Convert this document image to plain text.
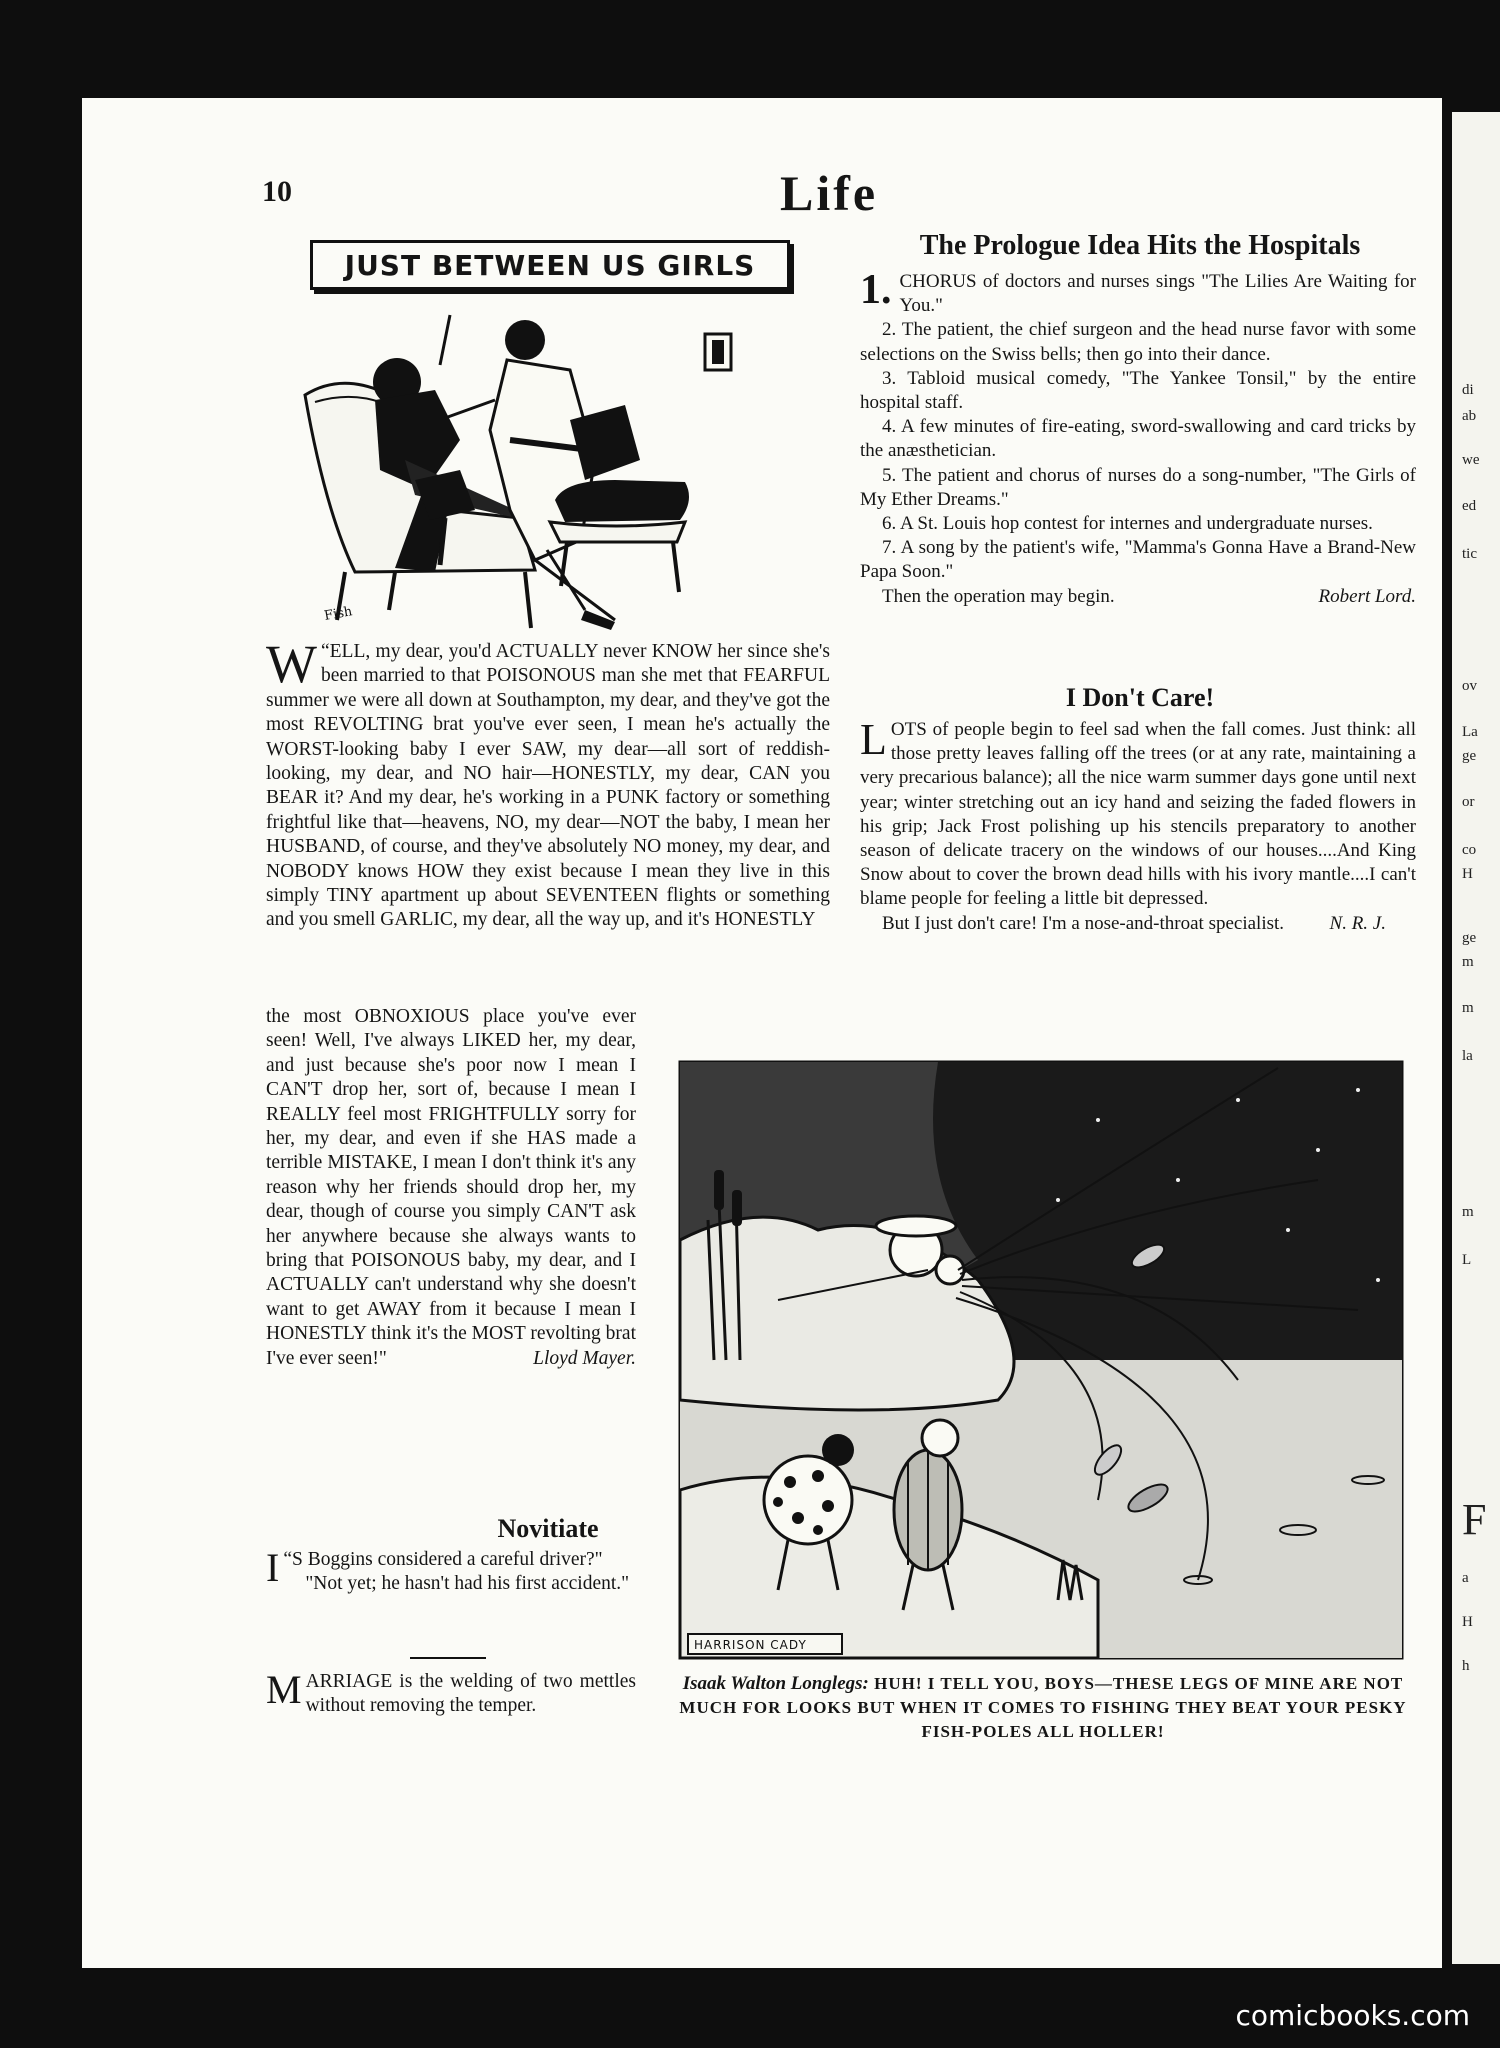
di
ab
we
ed
tic
ov
La
ge
or
co
H
ge
m
m
la
m
L
F
a
H
h
10	Life
JUST BETWEEN US GIRLS
Fish

“
W ELL, my dear, you'd ACTUALLY never KNOW her since she's been married to that POISONOUS man she met that FEARFUL summer we were all down at Southampton, my dear, and they've got the most REVOLTING brat you've ever seen, I mean he's actually the WORST-looking baby I ever SAW, my dear—all sort of reddish-looking, my dear, and NO hair—HONESTLY, my dear, CAN you BEAR it? And my dear, he's working in a PUNK factory or something frightful like that—heavens, NO, my dear—NOT the baby, I mean her HUSBAND, of course, and they've absolutely NO money, my dear, and NOBODY knows HOW they exist because I mean they live in this simply TINY apartment up about SEVENTEEN flights or something and you smell GARLIC, my dear, all the way up, and it's HONESTLY

the most OBNOXIOUS place you've ever seen! Well, I've always LIKED her, my dear, and just because she's poor now I mean I CAN'T drop her, sort of, because I mean I REALLY feel most FRIGHTFULLY sorry for her, my dear, and even if she HAS made a terrible MISTAKE, I mean I don't think it's any reason why her friends should drop her, my dear, though of course you simply CAN'T ask her anywhere because she always wants to bring that POISONOUS baby, my dear, and I ACTUALLY can't understand why she doesn't want to get AWAY from it because I mean I HONESTLY think it's the MOST revolting brat I've ever seen!"	Lloyd Mayer.

Novitiate

“
I S Boggins considered a careful driver?"

"Not yet; he hasn't had his first accident."

MARRIAGE is the welding of two mettles without removing the temper.

The Prologue Idea Hits the Hospitals

1. CHORUS of doctors and nurses sings "The Lilies Are Waiting for You."

2. The patient, the chief surgeon and the head nurse favor with some selections on the Swiss bells; then go into their dance.

3. Tabloid musical comedy, "The Yankee Tonsil," by the entire hospital staff.

4. A few minutes of fire-eating, sword-swallowing and card tricks by the anæsthetician.

5. The patient and chorus of nurses do a song-number, "The Girls of My Ether Dreams."

6. A St. Louis hop contest for internes and undergraduate nurses.

7. A song by the patient's wife, "Mamma's Gonna Have a Brand-New Papa Soon."

Then the operation may begin.	Robert Lord.

I Don't Care!

LOTS of people begin to feel sad when the fall comes. Just think: all those pretty leaves falling off the trees (or at any rate, maintaining a very precarious balance); all the nice warm summer days gone until next year; winter stretching out an icy hand and seizing the faded flowers in his grip; Jack Frost polishing up his stencils preparatory to another season of delicate tracery on the windows of our houses....And King Snow about to cover the brown dead hills with his ivory mantle....I can't blame people for feeling a little bit depressed.

But I just don't care! I'm a nose-and-throat specialist.	N. R. J.

HARRISON CADY
Isaak Walton Longlegs: HUH! I TELL YOU, BOYS—THESE LEGS OF MINE ARE NOT MUCH FOR LOOKS BUT WHEN IT COMES TO FISHING THEY BEAT YOUR PESKY FISH-POLES ALL HOLLER!
comicbooks.com
